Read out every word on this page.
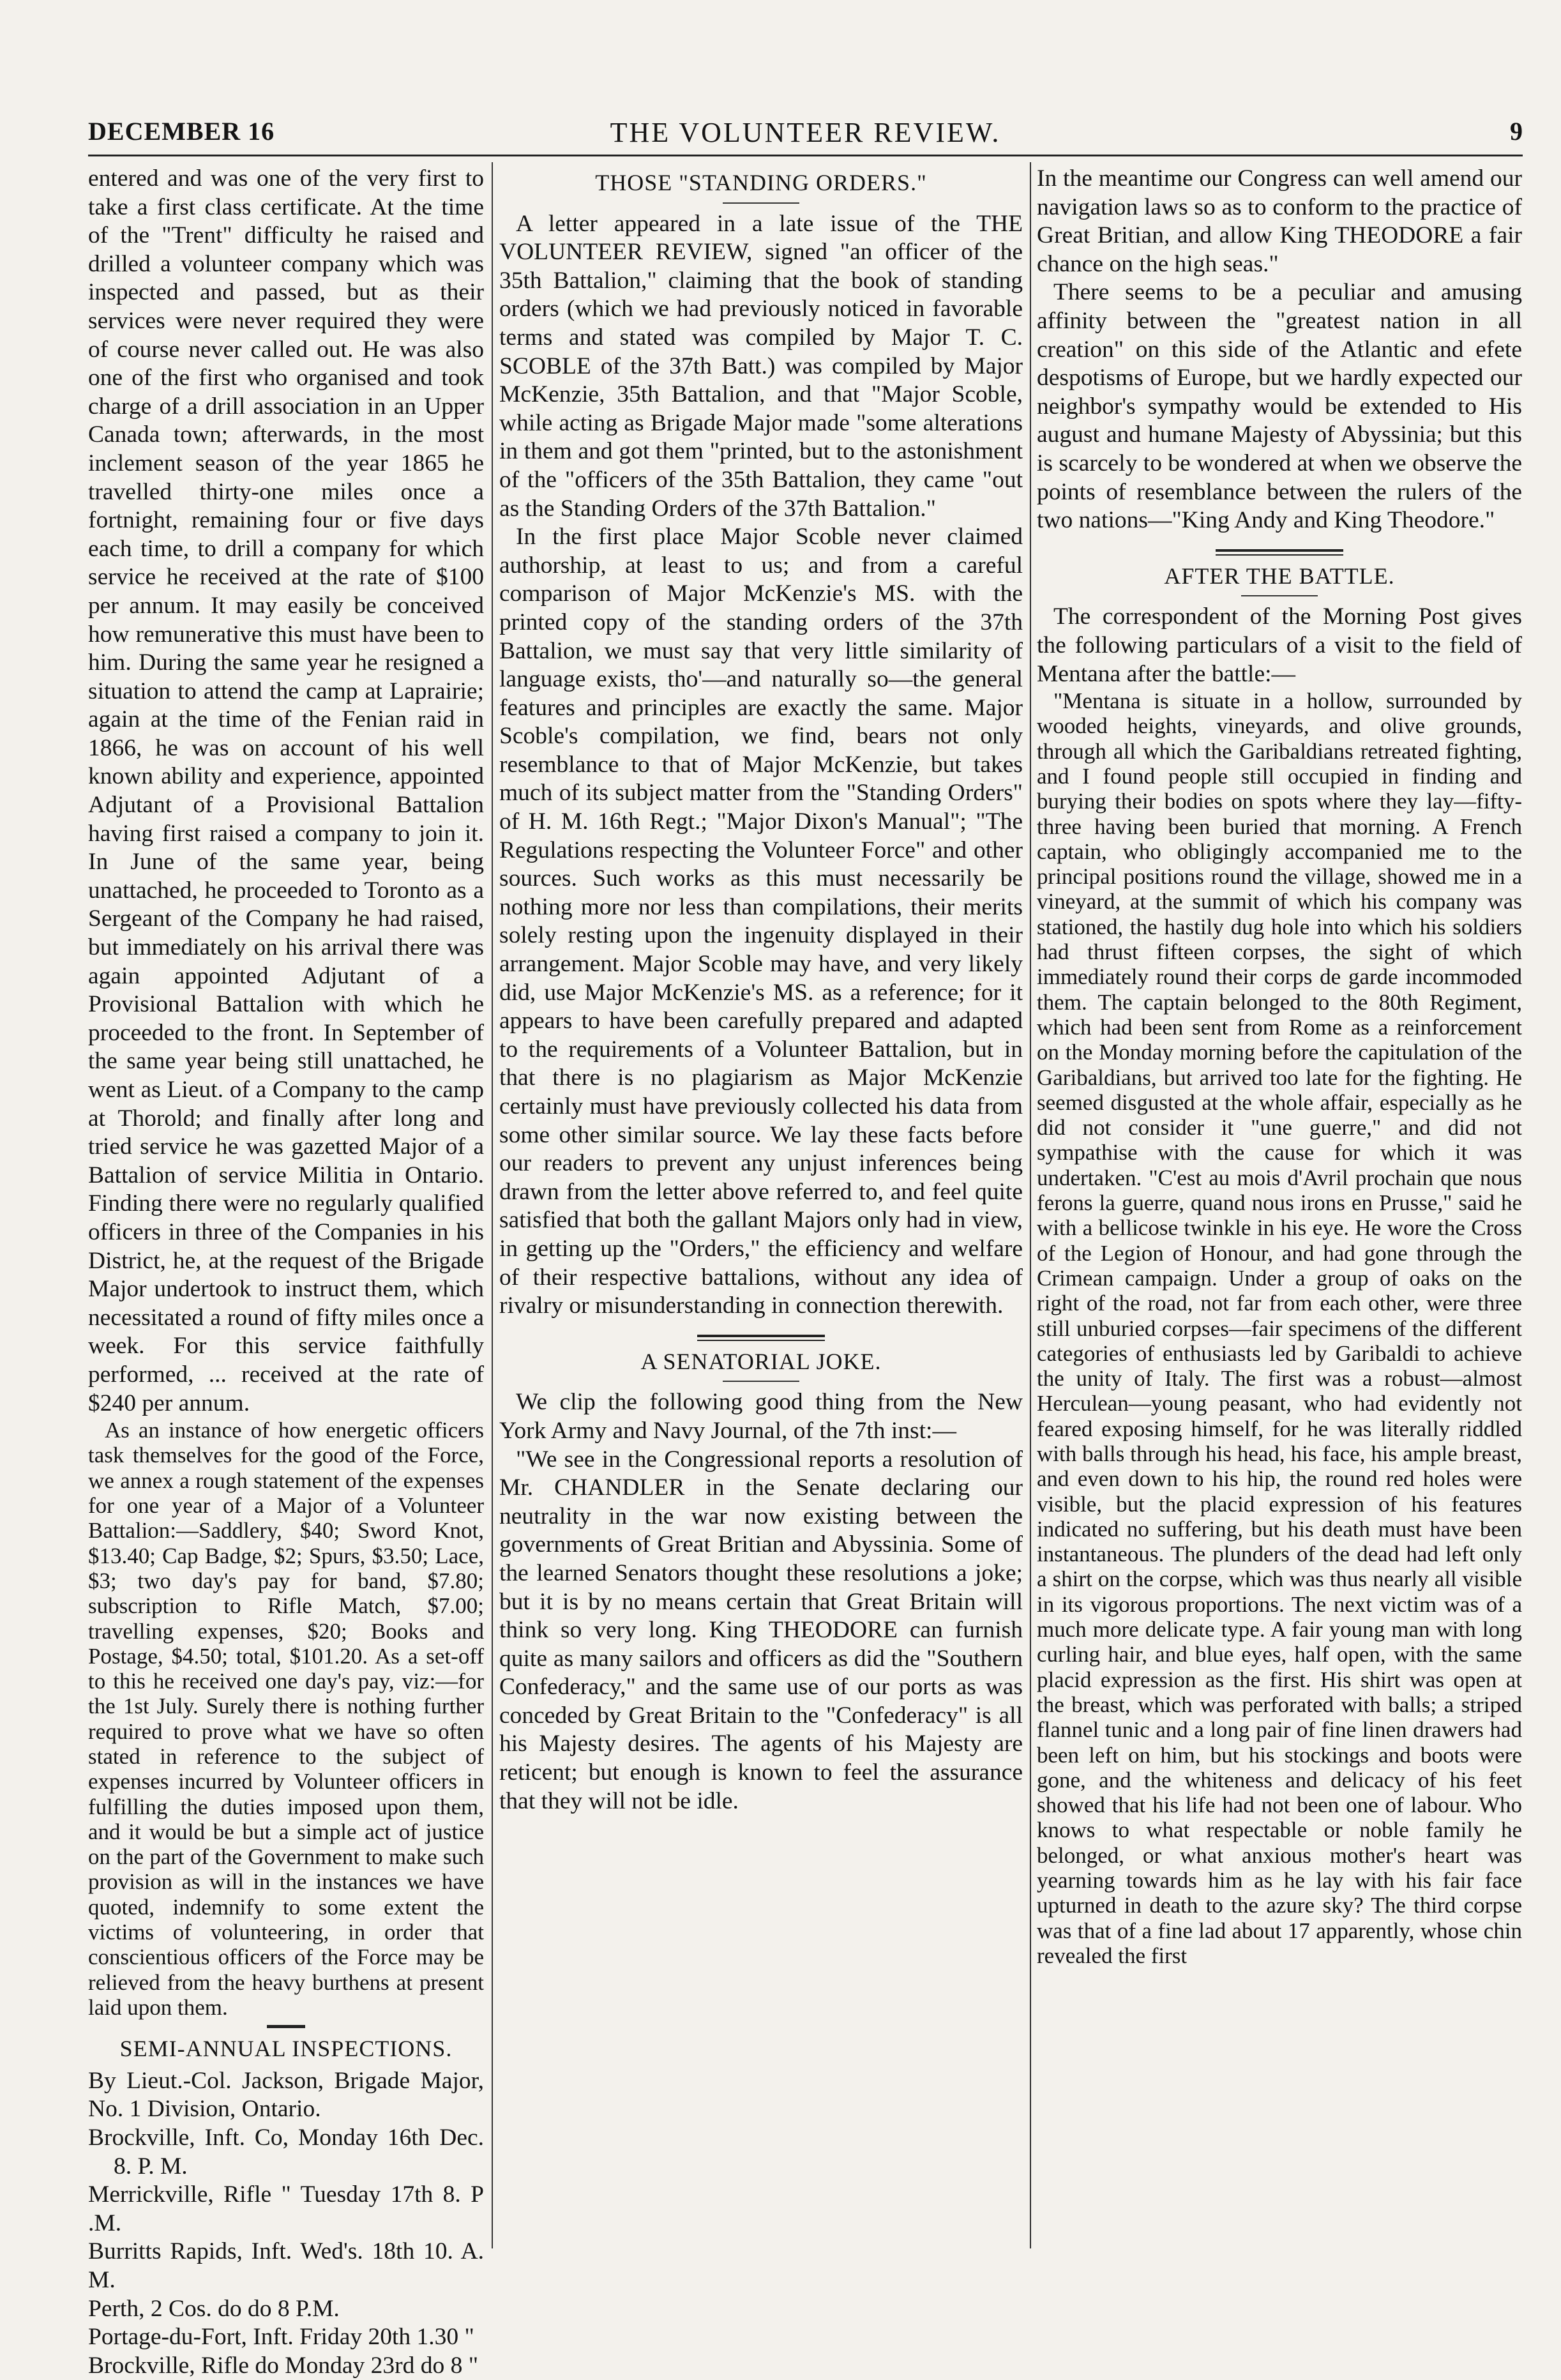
DECEMBER 16	THE VOLUNTEER REVIEW.	9

entered and was one of the very first to take a first class certificate. At the time of the "Trent" difficulty he raised and drilled a volunteer company which was inspected and passed, but as their services were never required they were of course never called out. He was also one of the first who organised and took charge of a drill association in an Upper Canada town; afterwards, in the most inclement season of the year 1865 he travelled thirty-one miles once a fortnight, remaining four or five days each time, to drill a company for which service he received at the rate of $100 per annum. It may easily be conceived how remunerative this must have been to him. During the same year he resigned a situation to attend the camp at Laprairie; again at the time of the Fenian raid in 1866, he was on account of his well known ability and experience, appointed Adjutant of a Provisional Battalion having first raised a company to join it. In June of the same year, being unattached, he proceeded to Toronto as a Sergeant of the Company he had raised, but immediately on his arrival there was again appointed Adjutant of a Provisional Battalion with which he proceeded to the front. In September of the same year being still unattached, he went as Lieut. of a Company to the camp at Thorold; and finally after long and tried service he was gazetted Major of a Battalion of service Militia in Ontario. Finding there were no regularly qualified officers in three of the Companies in his District, he, at the request of the Brigade Major undertook to instruct them, which necessitated a round of fifty miles once a week. For this service faithfully performed, ... received at the rate of $240 per annum.

As an instance of how energetic officers task themselves for the good of the Force, we annex a rough statement of the expenses for one year of a Major of a Volunteer Battalion:—Saddlery, $40; Sword Knot, $13.40; Cap Badge, $2; Spurs, $3.50; Lace, $3; two day's pay for band, $7.80; subscription to Rifle Match, $7.00; travelling expenses, $20; Books and Postage, $4.50; total, $101.20. As a set-off to this he received one day's pay, viz:—for the 1st July. Surely there is nothing further required to prove what we have so often stated in reference to the subject of expenses incurred by Volunteer officers in fulfilling the duties imposed upon them, and it would be but a simple act of justice on the part of the Government to make such provision as will in the instances we have quoted, indemnify to some extent the victims of volunteering, in order that conscientious officers of the Force may be relieved from the heavy burthens at present laid upon them.

SEMI-ANNUAL INSPECTIONS.

By Lieut.-Col. Jackson, Brigade Major, No. 1 Division, Ontario.

Brockville, Inft. Co, Monday 16th Dec. 8. P. M.

Merrickville, Rifle " Tuesday 17th 8. P .M.

Burritts Rapids, Inft. Wed's. 18th 10. A. M.

Perth, 2 Cos. do do 8 P.M.

Portage-du-Fort, Inft. Friday 20th 1.30 "

Brockville, Rifle do Monday 23rd do 8 "

THOSE "STANDING ORDERS."

A letter appeared in a late issue of the THE VOLUNTEER REVIEW, signed "an officer of the 35th Battalion," claiming that the book of standing orders (which we had previously noticed in favorable terms and stated was compiled by Major T. C. SCOBLE of the 37th Batt.) was compiled by Major McKenzie, 35th Battalion, and that "Major Scoble, while acting as Brigade Major made "some alterations in them and got them "printed, but to the astonishment of the "officers of the 35th Battalion, they came "out as the Standing Orders of the 37th Battalion."

In the first place Major Scoble never claimed authorship, at least to us; and from a careful comparison of Major McKenzie's MS. with the printed copy of the standing orders of the 37th Battalion, we must say that very little similarity of language exists, tho'—and naturally so—the general features and principles are exactly the same. Major Scoble's compilation, we find, bears not only resemblance to that of Major McKenzie, but takes much of its subject matter from the "Standing Orders" of H. M. 16th Regt.; "Major Dixon's Manual"; "The Regulations respecting the Volunteer Force" and other sources. Such works as this must necessarily be nothing more nor less than compilations, their merits solely resting upon the ingenuity displayed in their arrangement. Major Scoble may have, and very likely did, use Major McKenzie's MS. as a reference; for it appears to have been carefully prepared and adapted to the requirements of a Volunteer Battalion, but in that there is no plagiarism as Major McKenzie certainly must have previously collected his data from some other similar source. We lay these facts before our readers to prevent any unjust inferences being drawn from the letter above referred to, and feel quite satisfied that both the gallant Majors only had in view, in getting up the "Orders," the efficiency and welfare of their respective battalions, without any idea of rivalry or misunderstanding in connection therewith.

A SENATORIAL JOKE.

We clip the following good thing from the New York Army and Navy Journal, of the 7th inst:—

"We see in the Congressional reports a resolution of Mr. CHANDLER in the Senate declaring our neutrality in the war now existing between the governments of Great Britian and Abyssinia. Some of the learned Senators thought these resolutions a joke; but it is by no means certain that Great Britain will think so very long. King THEODORE can furnish quite as many sailors and officers as did the "Southern Confederacy," and the same use of our ports as was conceded by Great Britain to the "Confederacy" is all his Majesty desires. The agents of his Majesty are reticent; but enough is known to feel the assurance that they will not be idle.

In the meantime our Congress can well amend our navigation laws so as to conform to the practice of Great Britian, and allow King THEODORE a fair chance on the high seas."

There seems to be a peculiar and amusing affinity between the "greatest nation in all creation" on this side of the Atlantic and efete despotisms of Europe, but we hardly expected our neighbor's sympathy would be extended to His august and humane Majesty of Abyssinia; but this is scarcely to be wondered at when we observe the points of resemblance between the rulers of the two nations—"King Andy and King Theodore."

AFTER THE BATTLE.

The correspondent of the Morning Post gives the following particulars of a visit to the field of Mentana after the battle:—

"Mentana is situate in a hollow, surrounded by wooded heights, vineyards, and olive grounds, through all which the Garibaldians retreated fighting, and I found people still occupied in finding and burying their bodies on spots where they lay—fifty-three having been buried that morning. A French captain, who obligingly accompanied me to the principal positions round the village, showed me in a vineyard, at the summit of which his company was stationed, the hastily dug hole into which his soldiers had thrust fifteen corpses, the sight of which immediately round their corps de garde incommoded them. The captain belonged to the 80th Regiment, which had been sent from Rome as a reinforcement on the Monday morning before the capitulation of the Garibaldians, but arrived too late for the fighting. He seemed disgusted at the whole affair, especially as he did not consider it "une guerre," and did not sympathise with the cause for which it was undertaken. "C'est au mois d'Avril prochain que nous ferons la guerre, quand nous irons en Prusse," said he with a bellicose twinkle in his eye. He wore the Cross of the Legion of Honour, and had gone through the Crimean campaign. Under a group of oaks on the right of the road, not far from each other, were three still unburied corpses—fair specimens of the different categories of enthusiasts led by Garibaldi to achieve the unity of Italy. The first was a robust—almost Herculean—young peasant, who had evidently not feared exposing himself, for he was literally riddled with balls through his head, his face, his ample breast, and even down to his hip, the round red holes were visible, but the placid expression of his features indicated no suffering, but his death must have been instantaneous. The plunders of the dead had left only a shirt on the corpse, which was thus nearly all visible in its vigorous proportions. The next victim was of a much more delicate type. A fair young man with long curling hair, and blue eyes, half open, with the same placid expression as the first. His shirt was open at the breast, which was perforated with balls; a striped flannel tunic and a long pair of fine linen drawers had been left on him, but his stockings and boots were gone, and the whiteness and delicacy of his feet showed that his life had not been one of labour. Who knows to what respectable or noble family he belonged, or what anxious mother's heart was yearning towards him as he lay with his fair face upturned in death to the azure sky? The third corpse was that of a fine lad about 17 apparently, whose chin revealed the first
